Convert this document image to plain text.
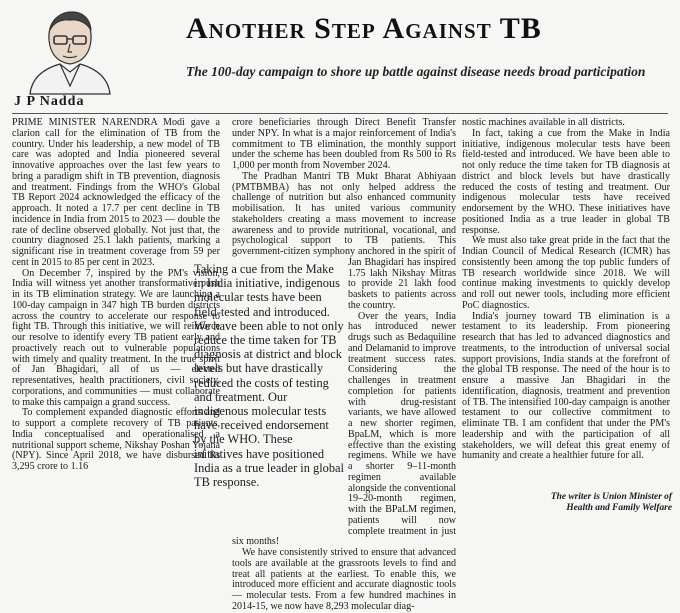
J P Nadda
Another Step Against TB
The 100-day campaign to shore up battle against disease needs broad participation

PRIME MINISTER NARENDRA Modi gave a clarion call for the elimination of TB from the country. Under his leadership, a new model of TB care was adopted and India pioneered several innovative approaches over the last few years to bring a paradigm shift in TB prevention, diagnosis and treatment. Findings from the WHO's Global TB Report 2024 acknowledged the efficacy of the approach. It noted a 17.7 per cent decline in TB incidence in India from 2015 to 2023 — double the rate of decline observed globally. Not just that, the country diagnosed 25.1 lakh patients, marking a significant rise in treatment coverage from 59 per cent in 2015 to 85 per cent in 2023.

On December 7, inspired by the PM's vision, India will witness yet another transformative push in its TB elimination strategy. We are launching a 100-day campaign in 347 high TB burden districts across the country to accelerate our response to fight TB. Through this initiative, we will reinforce our resolve to identify every TB patient early and proactively reach out to vulnerable populations with timely and quality treatment. In the true spirit of Jan Bhagidari, all of us — elected representatives, health practitioners, civil society, corporations, and communities — must collaborate to make this campaign a grand success.

To complement expanded diagnostic efforts and to support a complete recovery of TB patients, India conceptualised and operationalised a nutritional support scheme, Nikshay Poshan Yojana (NPY). Since April 2018, we have disbursed Rs 3,295 crore to 1.16

Taking a cue from the Make in India initiative, indigenous molecular tests have been field-tested and introduced. We have been able to not only reduce the time taken for TB diagnosis at district and block levels but have drastically reduced the costs of testing and treatment. Our indigenous molecular tests have received endorsement by the WHO. These initiatives have positioned India as a true leader in global TB response.

crore beneficiaries through Direct Benefit Transfer under NPY. In what is a major reinforcement of India's commitment to TB elimination, the monthly support under the scheme has been doubled from Rs 500 to Rs 1,000 per month from November 2024.

The Pradhan Mantri TB Mukt Bharat Abhiyaan (PMTBMBA) has not only helped address the challenge of nutrition but also enhanced community mobilisation. It has united various community stakeholders creating a mass movement to increase awareness and to provide nutritional, vocational, and psychological support to TB patients. This government-citizen symphony anchored in the spirit of Jan Bhagidari has inspired 1.75 lakh Nikshay Mitras to provide 21 lakh food baskets to patients across the country.

Over the years, India has introduced newer drugs such as Bedaquiline and Delamanid to improve treatment success rates. Considering the challenges in treatment completion for patients with drug-resistant variants, we have allowed a new shorter regimen, BpaLM, which is more effective than the existing regimens. While we have a shorter 9–11-month regimen available alongside the conventional 19–20-month regimen, with the BPaLM regimen, patients will now complete treatment in just six months!

We have consistently strived to ensure that advanced tools are available at the grassroots levels to find and treat all patients at the earliest. To enable this, we introduced more efficient and accurate diagnostic tools — molecular tests. From a few hundred machines in 2014-15, we now have 8,293 molecular diag-

nostic machines available in all districts.

In fact, taking a cue from the Make in India initiative, indigenous molecular tests have been field-tested and introduced. We have been able to not only reduce the time taken for TB diagnosis at district and block levels but have drastically reduced the costs of testing and treatment. Our indigenous molecular tests have received endorsement by the WHO. These initiatives have positioned India as a true leader in global TB response.

We must also take great pride in the fact that the Indian Council of Medical Research (ICMR) has consistently been among the top public funders of TB research worldwide since 2018. We will continue making investments to quickly develop and roll out newer tools, including more efficient PoC diagnostics.

India's journey toward TB elimination is a testament to its leadership. From pioneering research that has led to advanced diagnostics and treatments, to the introduction of universal social support provisions, India stands at the forefront of the global TB response. The need of the hour is to ensure a massive Jan Bhagidari in the identification, diagnosis, treatment and prevention of TB. The intensified 100-day campaign is another testament to our collective commitment to eliminate TB. I am confident that under the PM's leadership and with the participation of all stakeholders, we will defeat this great enemy of humanity and create a healthier future for all.

The writer is Union Minister of Health and Family Welfare
